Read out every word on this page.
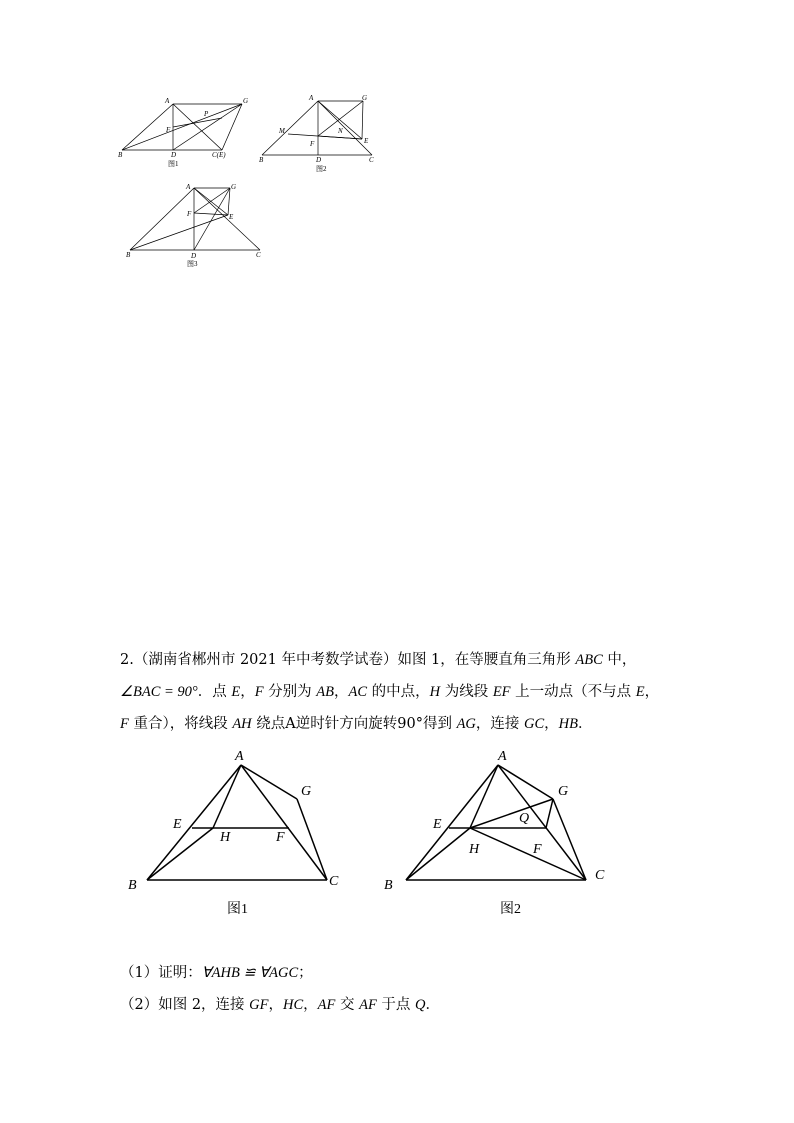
A	G
P
F
B	D	C(E)
图1
A	G
M	N
F	E
B	D	C
图2
A	G
F	E
B	D	C
图3
2.（湖南省郴州市 2021 年中考数学试卷）如图 1，在等腰直角三角形 ABC 中，
∠BAC = 90°．点 E，F 分别为 AB，AC 的中点，H 为线段 EF 上一动点（不与点 E，
F 重合），将线段 AH 绕点A逆时针方向旋转90°得到 AG，连接 GC，HB．
A
G
E
H	F
B	C
图1
A
G
Q
E
H	F
B
C
图2
（1）证明：∀AHB ≌ ∀AGC；
（2）如图 2，连接 GF，HC，AF 交 AF 于点 Q．
